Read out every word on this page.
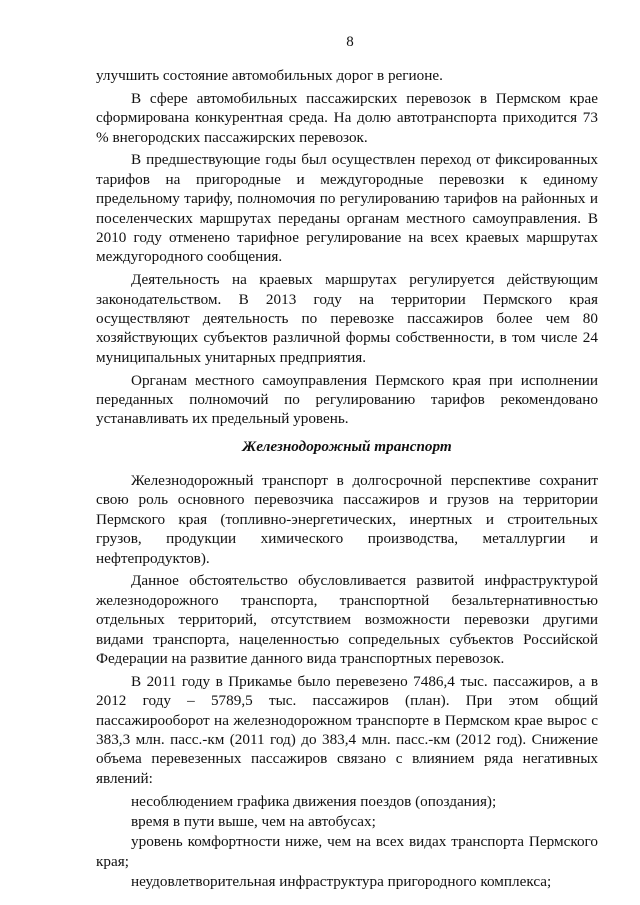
8
улучшить состояние автомобильных дорог в регионе.
В сфере автомобильных пассажирских перевозок в Пермском крае сформирована конкурентная среда. На долю автотранспорта приходится 73 % внегородских пассажирских перевозок.
В предшествующие годы был осуществлен переход от фиксированных тарифов на пригородные и междугородные перевозки к единому предельному тарифу, полномочия по регулированию тарифов на районных и поселенческих маршрутах переданы органам местного самоуправления. В 2010 году отменено тарифное регулирование на всех краевых маршрутах междугородного сообщения.
Деятельность на краевых маршрутах регулируется действующим законодательством. В 2013 году на территории Пермского края осуществляют деятельность по перевозке пассажиров более чем 80 хозяйствующих субъектов различной формы собственности, в том числе 24 муниципальных унитарных предприятия.
Органам местного самоуправления Пермского края при исполнении переданных полномочий по регулированию тарифов рекомендовано устанавливать их предельный уровень.
Железнодорожный транспорт
Железнодорожный транспорт в долгосрочной перспективе сохранит свою роль основного перевозчика пассажиров и грузов на территории Пермского края (топливно-энергетических, инертных и строительных грузов, продукции химического производства, металлургии и нефтепродуктов).
Данное обстоятельство обусловливается развитой инфраструктурой железнодорожного транспорта, транспортной безальтернативностью отдельных территорий, отсутствием возможности перевозки другими видами транспорта, нацеленностью сопредельных субъектов Российской Федерации на развитие данного вида транспортных перевозок.
В 2011 году в Прикамье было перевезено 7486,4 тыс. пассажиров, а в 2012 году – 5789,5 тыс. пассажиров (план). При этом общий пассажирооборот на железнодорожном транспорте в Пермском крае вырос с 383,3 млн. пасс.-км (2011 год) до 383,4 млн. пасс.-км (2012 год). Снижение объема перевезенных пассажиров связано с влиянием ряда негативных явлений:
несоблюдением графика движения поездов (опоздания);
время в пути выше, чем на автобусах;
уровень комфортности ниже, чем на всех видах транспорта Пермского края;
неудовлетворительная инфраструктура пригородного комплекса;
